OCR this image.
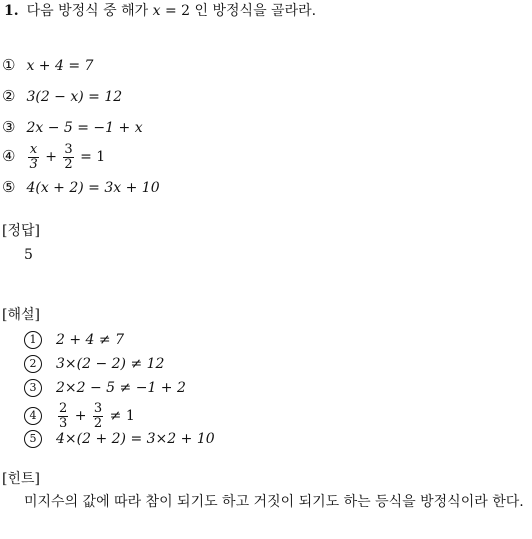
1. 다음 방정식 중 해가 x = 2 인 방정식을 골라라.
① x + 4 = 7
② 3(2 − x) = 12
③ 2x − 5 = −1 + x
④ $\frac{x}{3} + \frac{3}{2} = 1$
⑤ 4(x + 2) = 3x + 10
[정답]
5
[해설]
1 2 + 4 ≠ 7
2 3×(2 − 2) ≠ 12
3 2×2 − 5 ≠ −1 + 2
$4 \frac{2}{3} + \frac{3}{2} \ne 1$
5 4×(2 + 2) = 3×2 + 10
[힌트]
미지수의 값에 따라 참이 되기도 하고 거짓이 되기도 하는 등식을 방정식이라 한다.
